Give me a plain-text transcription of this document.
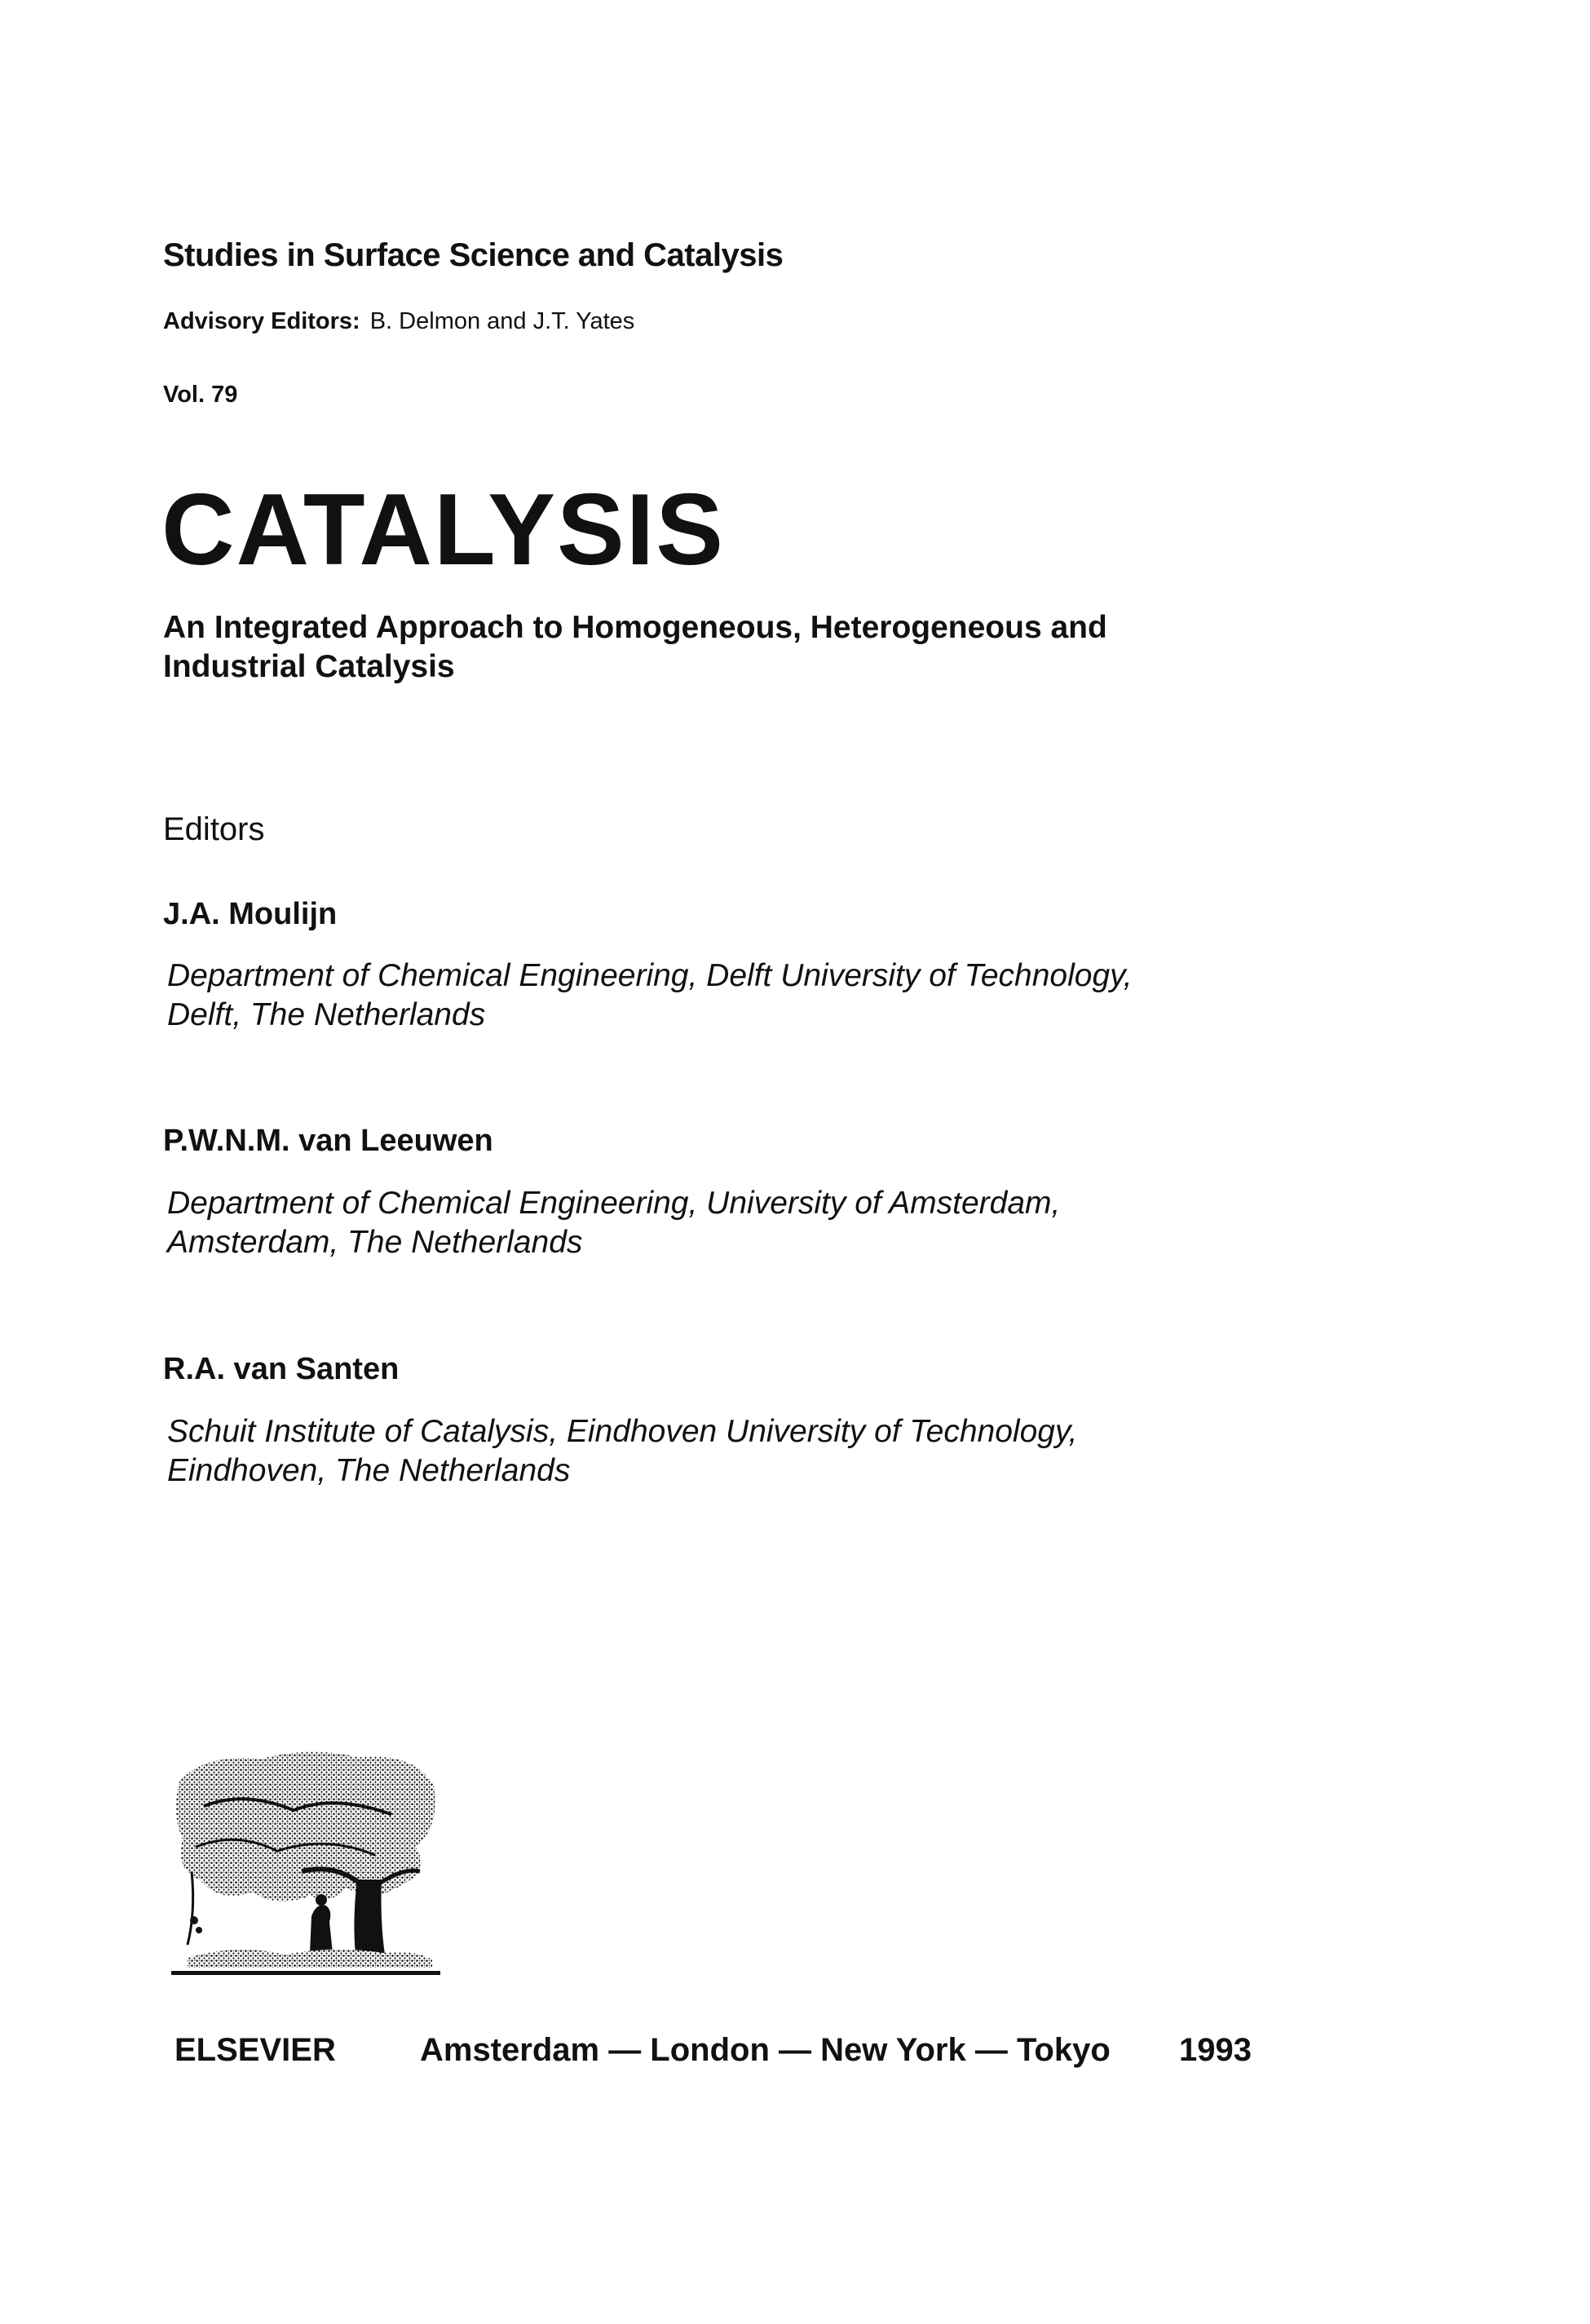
Studies in Surface Science and Catalysis
Advisory Editors: B. Delmon and J.T. Yates
Vol. 79
CATALYSIS
An Integrated Approach to Homogeneous, Heterogeneous and
Industrial Catalysis
Editors
J.A. Moulijn
Department of Chemical Engineering, Delft University of Technology,
Delft, The Netherlands
P.W.N.M. van Leeuwen
Department of Chemical Engineering, University of Amsterdam,
Amsterdam, The Netherlands
R.A. van Santen
Schuit Institute of Catalysis, Eindhoven University of Technology,
Eindhoven, The Netherlands
ELSEVIER	Amsterdam — London — New York — Tokyo 1993
